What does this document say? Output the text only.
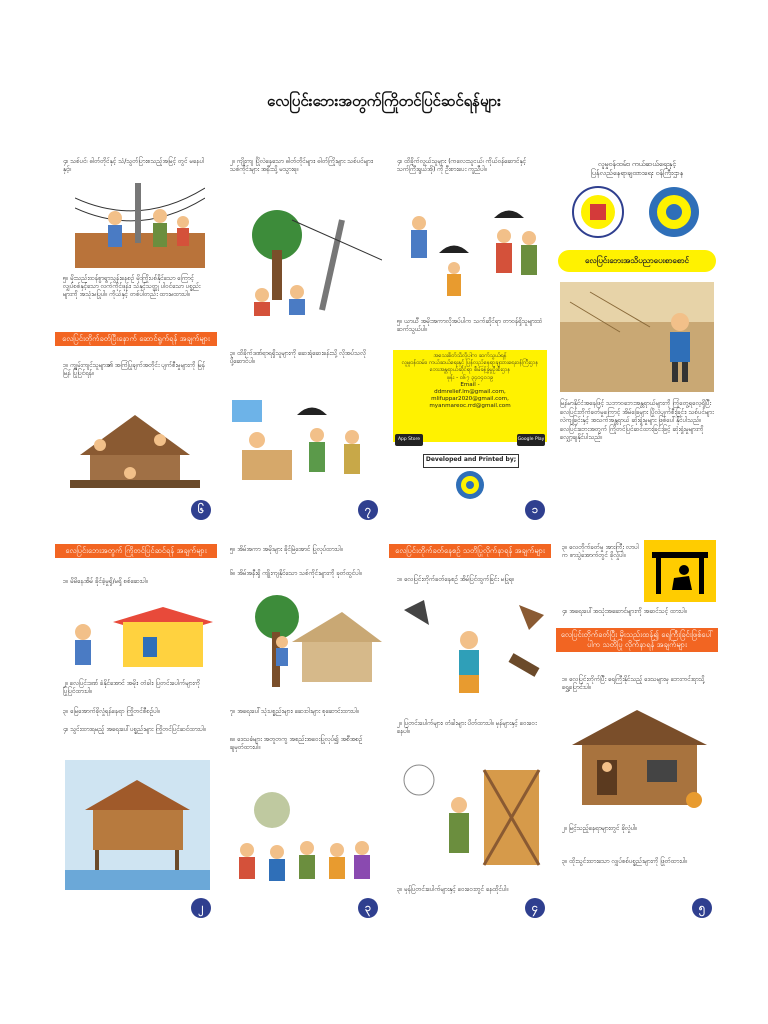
လေပြင်းဘေးအတွက်ကြိုတင်ပြင်ဆင်ရန်များ
၄။ သစ်ပင်၊ ဓါတ်တိုင်နှင့် သံ/သွတ်ပြားစသည့်အမြင့် တွင် မနေပါနှင့်။
၅။ မိုးသည်းထန်စွာရွာသွန်းနေစဉ် မိုးကြိုးပစ်နိုင်သော ကြောင့် လျှပ်စစ်နှင့်သော လက်ကိုင်ဖုန်း၊ သံနှင့်သတ္တု ပါဝင်သော ပစ္စည်းများကို အသုံးမပြုပါ။ ကိုယ်နှင့် တစ်ပါတည်း ထားမထားပါ။
လေပြင်းတိုက်ခတ်ပြီးနောက် ဆောင်ရွက်ရန် အချက်များ
၁။ ကျွမ်းကျင်သူများ၏ အကြံပြုချက်အတိုင်း ပျက်စီးမှုများကို မြန်မြန် ပြုပြင်ရန်။
၆
၂။ ကျိုးကျ ပြိုလဲနေသော ဓါတ်တိုင်များ၊ ဓါတ်ကြိုးများ သစ်ပင်များ၊ သစ်ကိုင်းများ အနီးသို့ မသွားရ။
၃။ ထိခိုက်ဒဏ်ရာရရှိသူများကို ဆေးရုံဆေးခန်းသို့ လိုအပ်သလို ပို့ဆောင်ပါ။
၇
၄။ ထိခိုက်လွယ်သူများ (ကလေးသူငယ်၊ ကိုယ်ဝန်ဆောင်နှင့် သက်ကြီးရွယ်အို) ကို ဦးစားပေး ကူညီပါ။
၅။ ယာယီ အမိုးအကာလိုအပ်ပါက သက်ဆိုင်ရာ တာဝန်ရှိသူများထံ ဆက်သွယ်ပါ။
အသေးစိတ်သိလိုပါက ဆက်သွယ်ရန်
လူမှုဝန်ထမ်း၊ ကယ်ဆယ်ရေးနှင့် ပြန်လည်နေရာချထားရေးဝန်ကြီးဌာန
ဘေးအန္တရာယ်ဆိုင်ရာ စီမံခန့်ခွဲမှုဦးစီးဌာန
ဖုန်း - ၀၆၇ ၃၄၀၄၀၁၉
Email -
ddmrelief.lm@gmail.com,
mlifuppar2020@gmail.com,
myanmareoc.rrd@gmail.com
App Store	Google Play
Developed and Printed by;
၁
လူမှုဝန်ထမ်း၊ ကယ်ဆယ်ရေးနှင့်
ပြန်လည်နေရာချထားရေး ဝန်ကြီးဌာန
လေပြင်းဘေးအသိပညာပေးစာစောင်
မြန်မာနိုင်ငံအနေဖြင့် သဘာဝဘေးအန္တရာယ်များကို ကြုံတွေ့ရလေ့ရှိပြီး လေပြင်းတိုက်ခတ်မှုကြောင့် အိမ်ခြေများ ပြိုလဲပျက်စီးခြင်း၊ သစ်ပင်များ လဲကျခြင်းနှင့် အသက်အန္တရာယ် ဆုံးရှုံးမှုများ ဖြစ်ပေါ်နိုင်ပါသည်။ လေပြင်းဘေးအတွက် ကြိုတင်ပြင်ဆင်ထားခြင်းဖြင့် ဆုံးရှုံးမှုများကို လျှော့ချနိုင်ပါသည်။
လေပြင်းဘေးအတွက် ကြိုတင်ပြင်ဆင်ရန် အချက်များ
၁။ မိမိနေအိမ် ခိုင်ခံ့မှုရှိ/မရှိ စစ်ဆေးပါ။
၂။ လေပြင်းဒဏ် ခံနိုင်အောင် အမိုး၊ တံခါး၊ ပြတင်းပေါက်များကို ပြုပြင်ထားပါ။
၃။ မြေအောက်ခိုလှုံရန်နေရာ ကြိုတင်စီစဉ်ပါ။
၄။ သွင်းထားရမည့် အရေးပေါ်ပစ္စည်းများ ကြိုတင်ပြင်ဆင်ထားပါ။
၂
၅။ အိမ်အကာ အမိုးများ ခိုင်မြဲအောင် ပြုလုပ်ထားပါ။
၆။ အိမ်အနီးရှိ ကျိုးကျနိုင်သော သစ်ကိုင်းများကို ခုတ်ထွင်ပါ။
၇။ အရေးပေါ်သုံးပစ္စည်းများ၊ ဆေးဝါးများ စုဆောင်းထားပါ။
၈။ ဒေသခံများ အတူတကွ အစည်းအဝေးပြုလုပ်၍ အစီအစဉ်ချမှတ်ထားပါ။
၃
လေပြင်းတိုက်ခတ်နေစဉ် သတိပြုလိုက်နာရန် အချက်များ
၁။ လေပြင်းတိုက်ခတ်နေစဉ် အိမ်ပြင်ထွက်ခြင်း မပြုရ။
၂။ ပြတင်းပေါက်များ၊ တံခါးများ ပိတ်ထားပါ။ မှန်များနှင့် ဝေးဝေးနေပါ။
၃။ မှန်ပြတင်းပေါက်များနှင့် ဝေးဝေးတွင် နေထိုင်ပါ။
၄
၃။ လေတိုက်ခတ်မှု အားကြီး လာပါက စားပွဲအောက်တွင် ခိုလှုံပါ။
၄။ အရေးပေါ်အသုံးအဆောင်များကို အဆင်သင့် ထားပါ။
လေပြင်းတိုက်ခတ်ပြီး မိုးသည်းထန်၍ ရေကြီးခြင်းဖြစ်ပေါ်ပါက သတိပြု လိုက်နာရန် အချက်များ
၁။ လေပြင်းတိုက်ပြီး ရေကြီးနိုင်သည့် ဒေသများမှ ဘေးကင်းရာသို့ ရွှေ့ပြောင်းပါ။
၂။ မြင့်သည့်နေရာများတွင် ခိုလှုံပါ။
၃။ ထိုးသွင်းထားသော လျှပ်စစ်ပစ္စည်းများကို ဖြုတ်ထားပါ။
၅
